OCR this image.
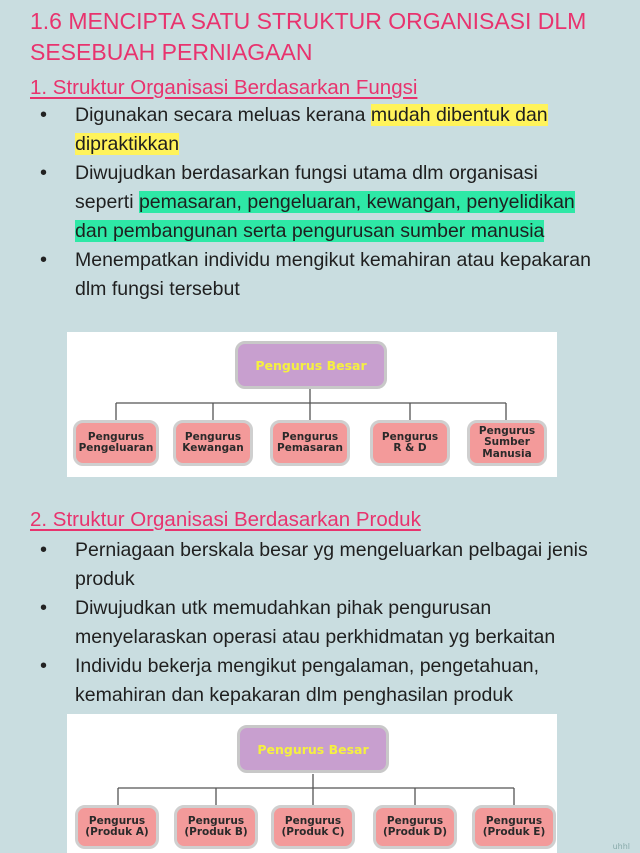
1.6 MENCIPTA SATU STRUKTUR ORGANISASI DLM SESEBUAH PERNIAGAAN
1. Struktur Organisasi Berdasarkan Fungsi
• Digunakan secara meluas kerana mudah dibentuk dan dipraktikkan
• Diwujudkan berdasarkan fungsi utama dlm organisasi seperti pemasaran, pengeluaran, kewangan, penyelidikan dan pembangunan serta pengurusan sumber manusia
• Menempatkan individu mengikut kemahiran atau kepakaran dlm fungsi tersebut
Pengurus Besar
Pengurus
Pengeluaran
Pengurus
Kewangan
Pengurus
Pemasaran
Pengurus
R & D
Pengurus
Sumber
Manusia
2. Struktur Organisasi Berdasarkan Produk
• Perniagaan berskala besar yg mengeluarkan pelbagai jenis produk
• Diwujudkan utk memudahkan pihak pengurusan menyelaraskan operasi atau perkhidmatan yg berkaitan
• Individu bekerja mengikut pengalaman, pengetahuan, kemahiran dan kepakaran dlm penghasilan produk
Pengurus Besar
Pengurus
(Produk A)
Pengurus
(Produk B)
Pengurus
(Produk C)
Pengurus
(Produk D)
Pengurus
(Produk E)
uhhl
